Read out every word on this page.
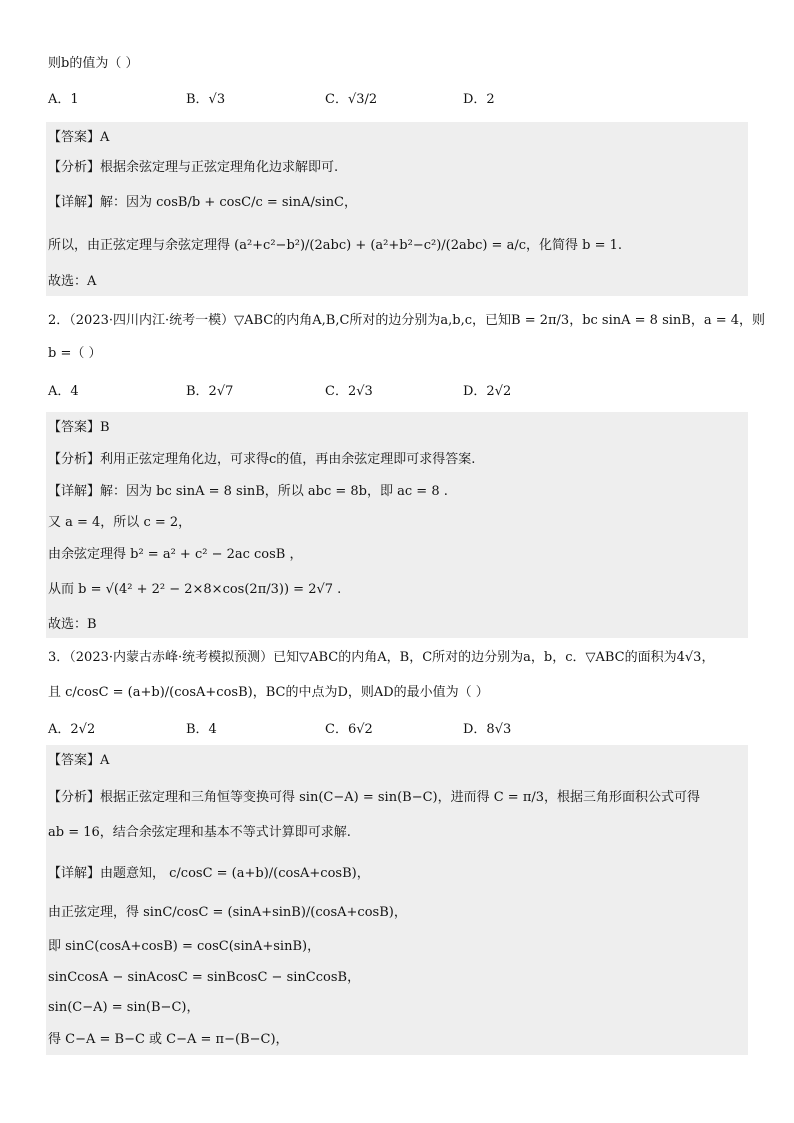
则b的值为（ ）
A．1	B．√3	C．√3/2	D．2
【答案】A
【分析】根据余弦定理与正弦定理角化边求解即可.
【详解】解：因为 cosB/b + cosC/c = sinA/sinC，
所以，由正弦定理与余弦定理得 (a²+c²−b²)/(2abc) + (a²+b²−c²)/(2abc) = a/c，化简得 b = 1.
故选：A
2．（2023·四川内江·统考一模）▽ABC的内角A,B,C所对的边分别为a,b,c，已知B = 2π/3，bc sinA = 8 sinB，a = 4，则
b =（ ）
A．4	B．2√7	C．2√3	D．2√2
【答案】B
【分析】利用正弦定理角化边，可求得c的值，再由余弦定理即可求得答案.
【详解】解：因为 bc sinA = 8 sinB，所以 abc = 8b，即 ac = 8 .
又 a = 4，所以 c = 2，
由余弦定理得 b² = a² + c² − 2ac cosB ，
从而 b = √(4² + 2² − 2×8×cos(2π/3)) = 2√7 .
故选：B
3．（2023·内蒙古赤峰·统考模拟预测）已知▽ABC的内角A，B，C所对的边分别为a，b，c．▽ABC的面积为4√3，
且 c/cosC = (a+b)/(cosA+cosB)，BC的中点为D，则AD的最小值为（ ）
A．2√2	B．4	C．6√2	D．8√3
【答案】A
【分析】根据正弦定理和三角恒等变换可得 sin(C−A) = sin(B−C)，进而得 C = π/3，根据三角形面积公式可得
ab = 16，结合余弦定理和基本不等式计算即可求解.
【详解】由题意知， c/cosC = (a+b)/(cosA+cosB)，
由正弦定理，得 sinC/cosC = (sinA+sinB)/(cosA+cosB)，
即 sinC(cosA+cosB) = cosC(sinA+sinB)，
sinCcosA − sinAcosC = sinBcosC − sinCcosB，
sin(C−A) = sin(B−C)，
得 C−A = B−C 或 C−A = π−(B−C)，
